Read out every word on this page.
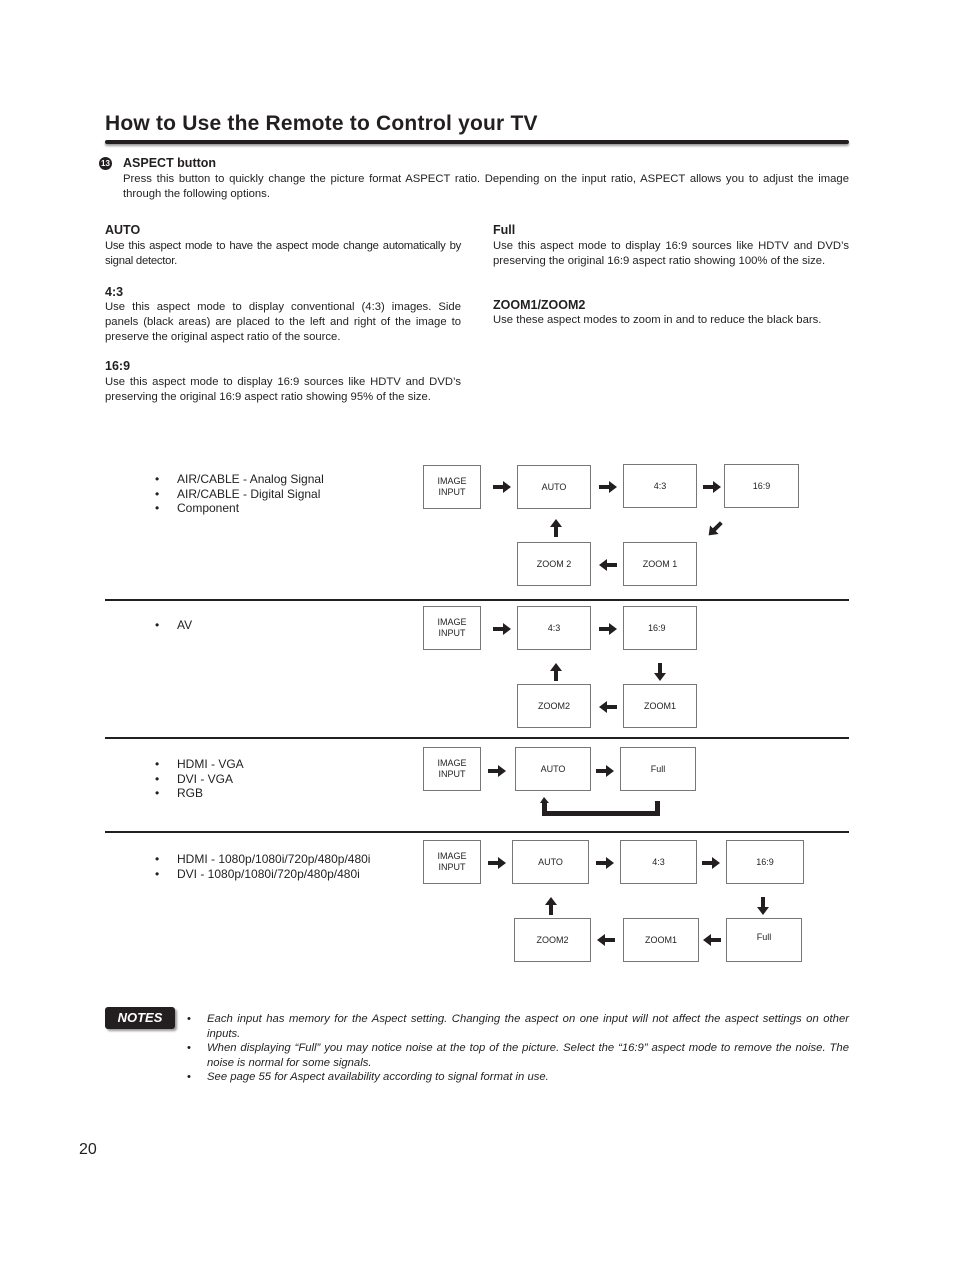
How to Use the Remote to Control your TV
13 ASPECT button
Press this button to quickly change the picture format ASPECT ratio. Depending on the input ratio, ASPECT allows you to adjust the image through the following options.
AUTO
Use this aspect mode to have the aspect mode change automatically by signal detector.
4:3
Use this aspect mode to display conventional (4:3) images. Side panels (black areas) are placed to the left and right of the image to preserve the original aspect ratio of the source.
16:9
Use this aspect mode to display 16:9 sources like HDTV and DVD’s preserving the original 16:9 aspect ratio showing 95% of the size.
Full
Use this aspect mode to display 16:9 sources like HDTV and DVD’s preserving the original 16:9 aspect ratio showing 100% of the size.
ZOOM1/ZOOM2
Use these aspect modes to zoom in and to reduce the black bars.
• AIR/CABLE - Analog Signal
• AIR/CABLE - Digital Signal
• Component
IMAGE
INPUT
AUTO	4:3	16:9
ZOOM 2	ZOOM 1
• AV	IMAGE
INPUT
4:3	16:9
ZOOM2	ZOOM1
• HDMI - VGA
• DVI - VGA
• RGB
IMAGE
INPUT
AUTO	Full
• HDMI - 1080p/1080i/720p/480p/480i
• DVI - 1080p/1080i/720p/480p/480i
IMAGE
INPUT	AUTO	4:3	16:9
ZOOM2	ZOOM1	Full
NOTES
•	Each input has memory for the Aspect setting. Changing the aspect on one input will not affect the aspect settings on other inputs.
• When displaying “Full” you may notice noise at the top of the picture. Select the “16:9” aspect mode to remove the noise. The noise is normal for some signals.
• See page 55 for Aspect availability according to signal format in use.
20
